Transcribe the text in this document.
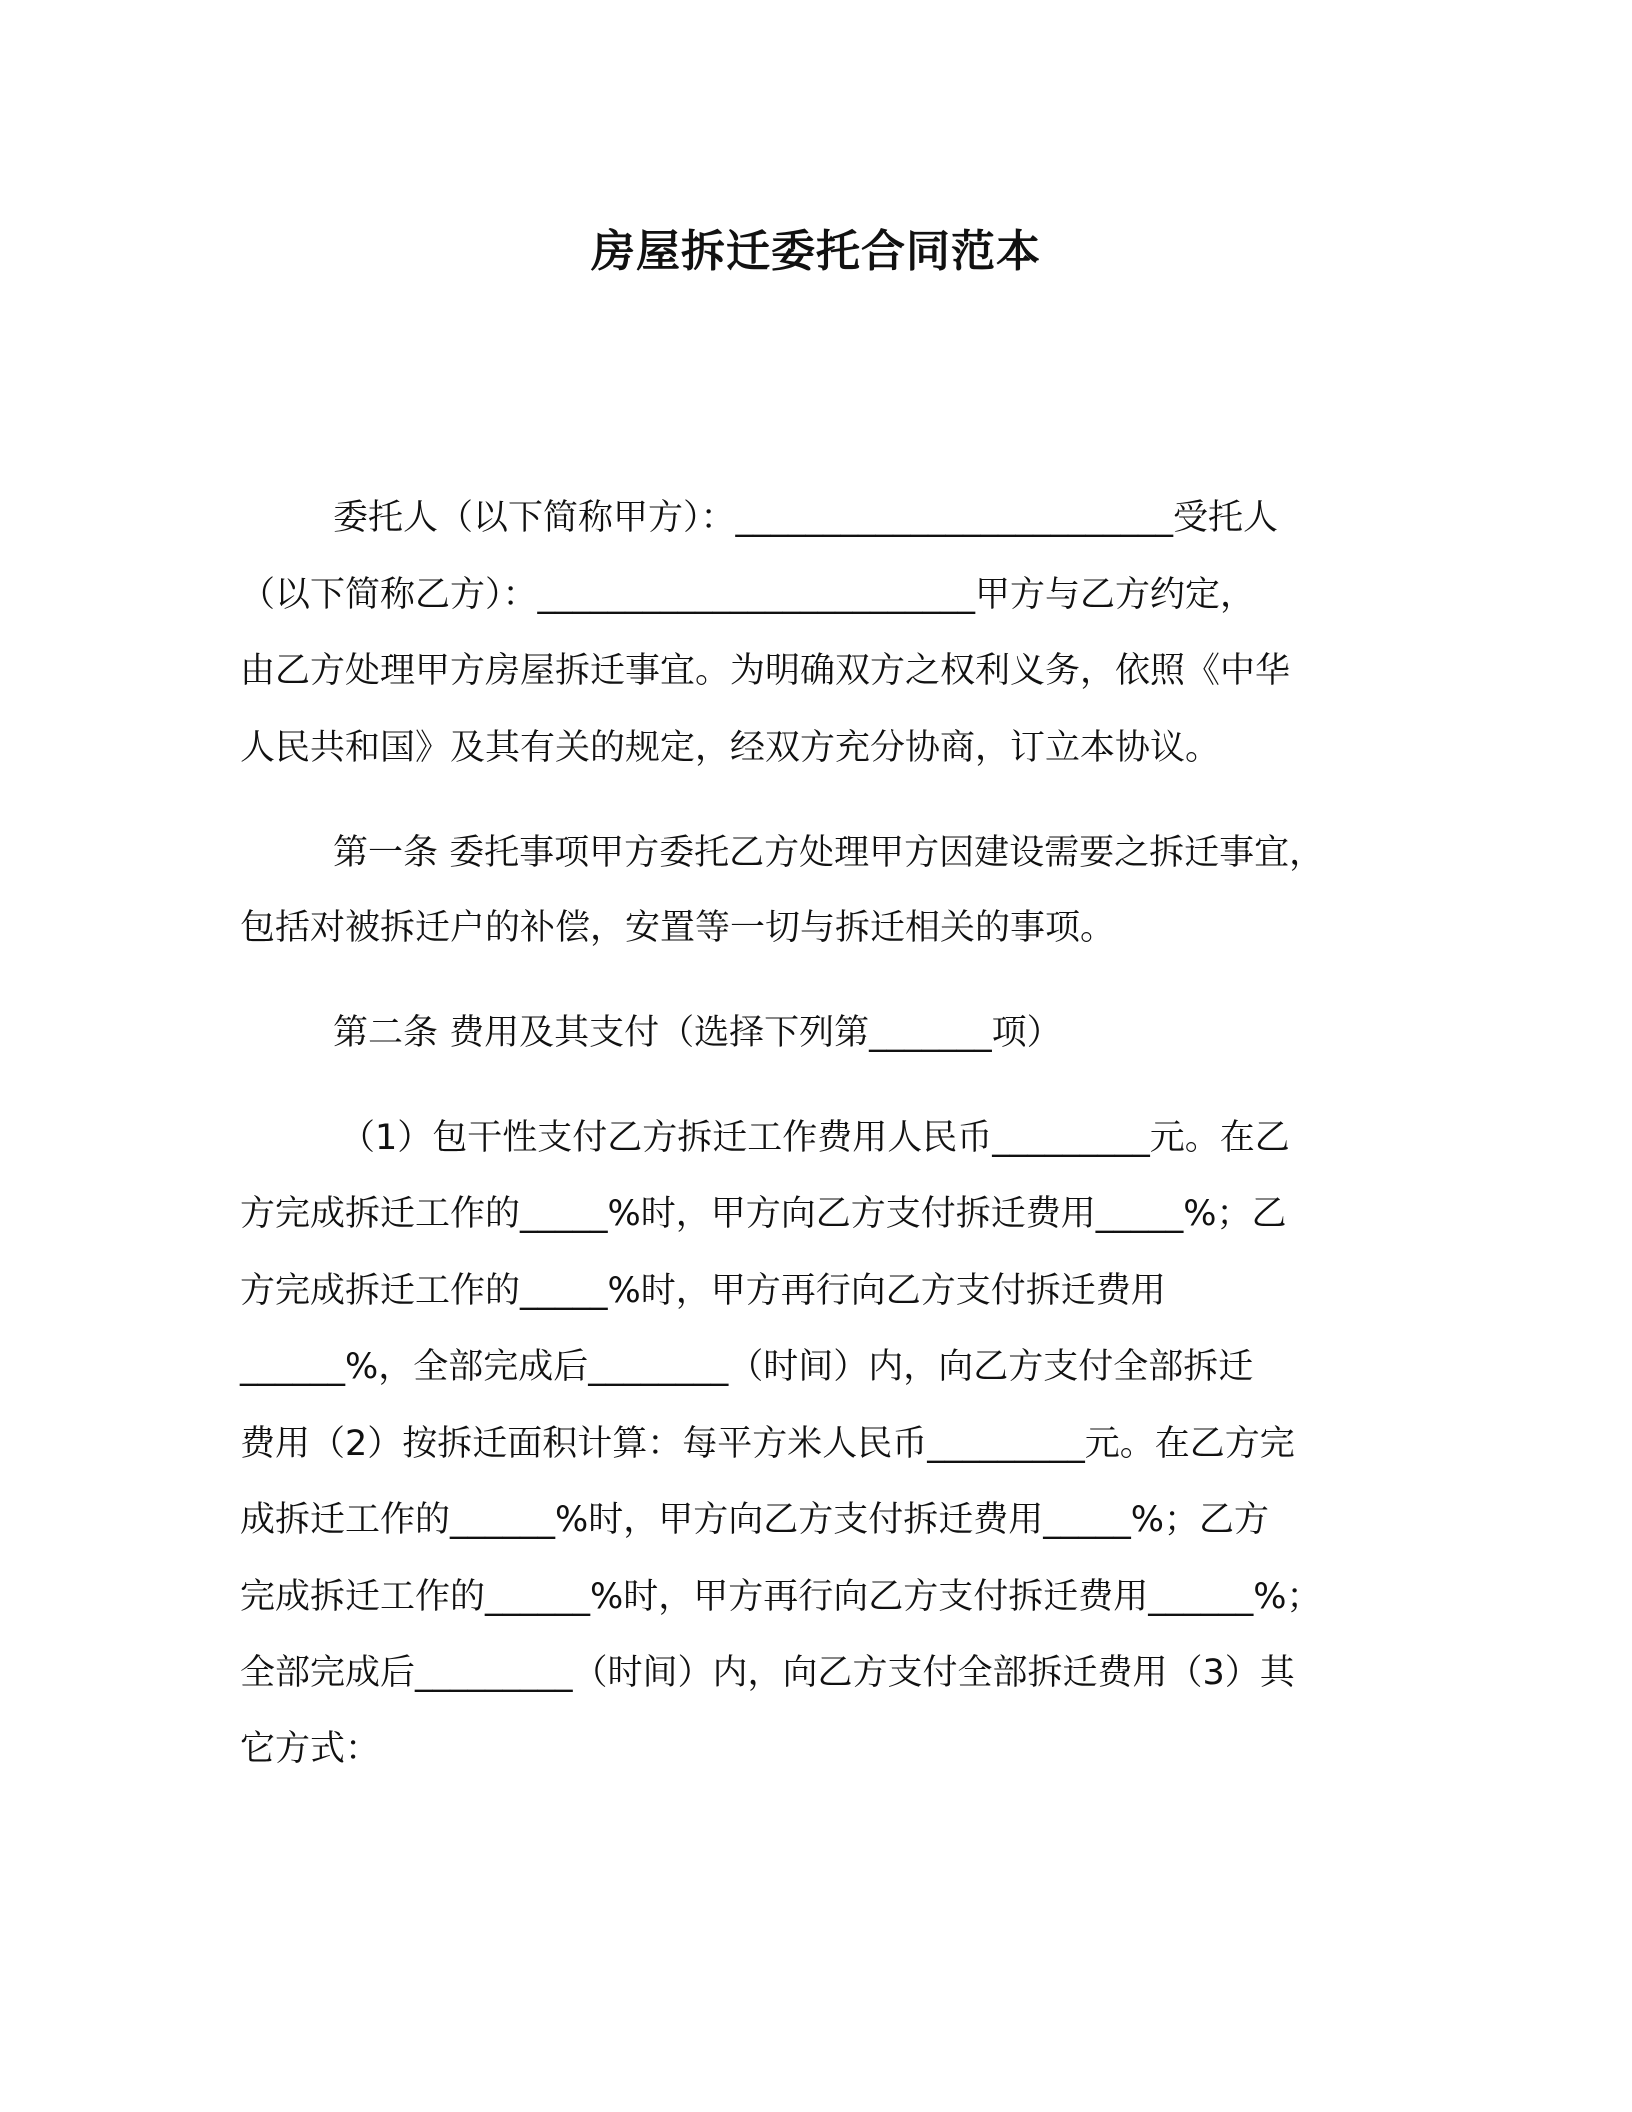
房屋拆迁委托合同范本
委托人（以下简称甲方）：_________________________受托人
（以下简称乙方）：_________________________甲方与乙方约定，
由乙方处理甲方房屋拆迁事宜。为明确双方之权利义务，依照《中华
人民共和国》及其有关的规定，经双方充分协商，订立本协议。
第一条 委托事项甲方委托乙方处理甲方因建设需要之拆迁事宜，
包括对被拆迁户的补偿，安置等一切与拆迁相关的事项。
第二条 费用及其支付（选择下列第_______项）
（1）包干性支付乙方拆迁工作费用人民币_________元。在乙
方完成拆迁工作的_____%时，甲方向乙方支付拆迁费用_____%；乙
方完成拆迁工作的_____%时，甲方再行向乙方支付拆迁费用
______%，全部完成后________（时间）内，向乙方支付全部拆迁
费用（2）按拆迁面积计算：每平方米人民币_________元。在乙方完
成拆迁工作的______%时，甲方向乙方支付拆迁费用_____%；乙方
完成拆迁工作的______%时，甲方再行向乙方支付拆迁费用______%；
全部完成后_________（时间）内，向乙方支付全部拆迁费用（3）其
它方式：
